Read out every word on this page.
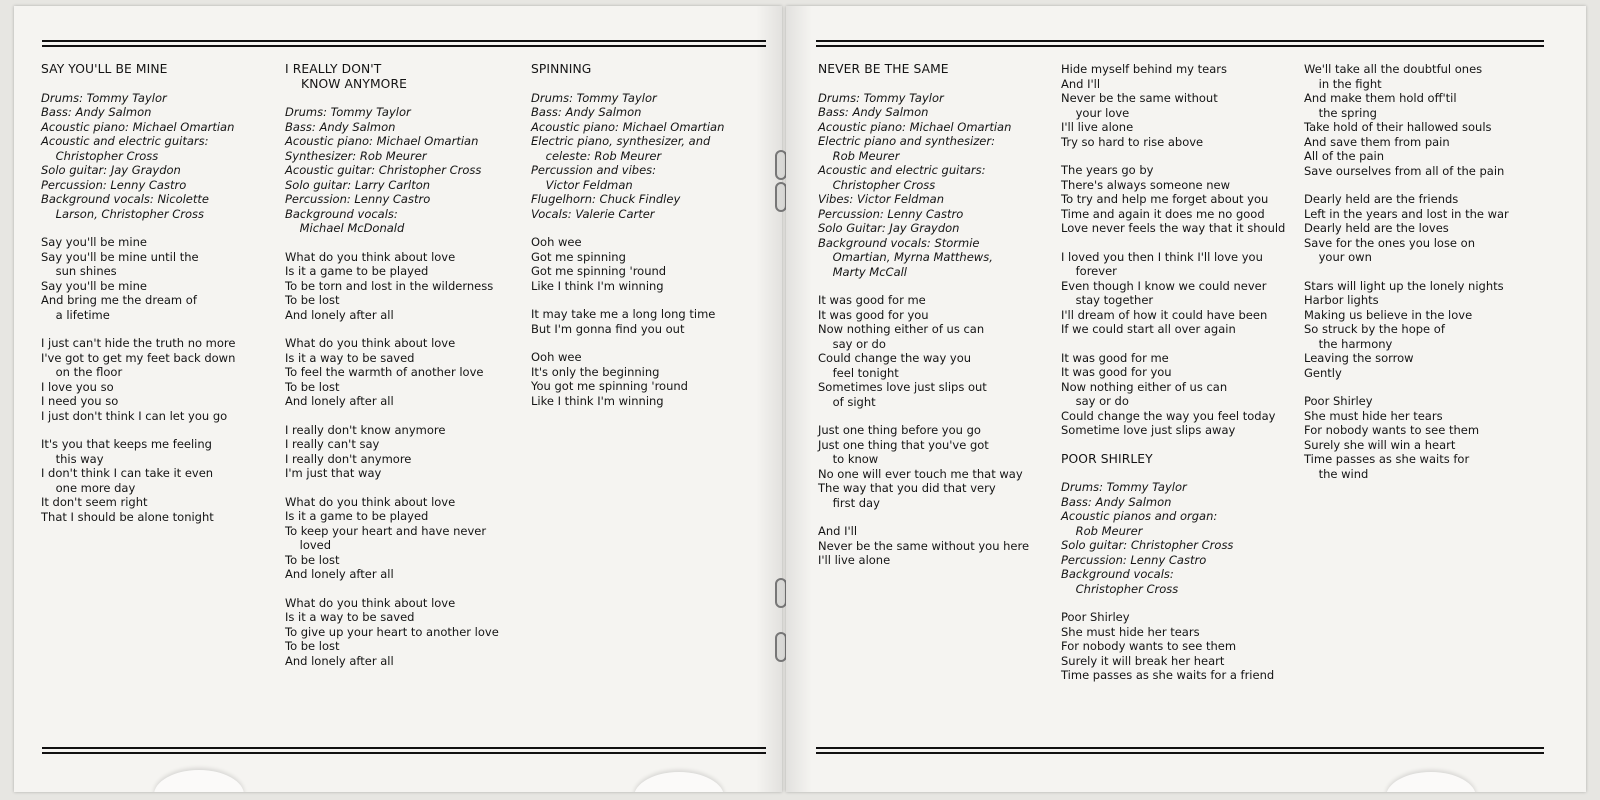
SAY YOU'LL BE MINE
Drums: Tommy Taylor
Bass: Andy Salmon
Acoustic piano: Michael Omartian
Acoustic and electric guitars:
Christopher Cross
Solo guitar: Jay Graydon
Percussion: Lenny Castro
Background vocals: Nicolette
Larson, Christopher Cross
Say you'll be mine
Say you'll be mine until the
sun shines
Say you'll be mine
And bring me the dream of
a lifetime
I just can't hide the truth no more
I've got to get my feet back down
on the floor
I love you so
I need you so
I just don't think I can let you go
It's you that keeps me feeling
this way
I don't think I can take it even
one more day
It don't seem right
That I should be alone tonight
I REALLY DON'T
KNOW ANYMORE
Drums: Tommy Taylor
Bass: Andy Salmon
Acoustic piano: Michael Omartian
Synthesizer: Rob Meurer
Acoustic guitar: Christopher Cross
Solo guitar: Larry Carlton
Percussion: Lenny Castro
Background vocals:
Michael McDonald
What do you think about love
Is it a game to be played
To be torn and lost in the wilderness
To be lost
And lonely after all
What do you think about love
Is it a way to be saved
To feel the warmth of another love
To be lost
And lonely after all
I really don't know anymore
I really can't say
I really don't anymore
I'm just that way
What do you think about love
Is it a game to be played
To keep your heart and have never
loved
To be lost
And lonely after all
What do you think about love
Is it a way to be saved
To give up your heart to another love
To be lost
And lonely after all
SPINNING
Drums: Tommy Taylor
Bass: Andy Salmon
Acoustic piano: Michael Omartian
Electric piano, synthesizer, and
celeste: Rob Meurer
Percussion and vibes:
Victor Feldman
Flugelhorn: Chuck Findley
Vocals: Valerie Carter
Ooh wee
Got me spinning
Got me spinning 'round
Like I think I'm winning
It may take me a long long time
But I'm gonna find you out
Ooh wee
It's only the beginning
You got me spinning 'round
Like I think I'm winning
NEVER BE THE SAME
Drums: Tommy Taylor
Bass: Andy Salmon
Acoustic piano: Michael Omartian
Electric piano and synthesizer:
Rob Meurer
Acoustic and electric guitars:
Christopher Cross
Vibes: Victor Feldman
Percussion: Lenny Castro
Solo Guitar: Jay Graydon
Background vocals: Stormie
Omartian, Myrna Matthews,
Marty McCall
It was good for me
It was good for you
Now nothing either of us can
say or do
Could change the way you
feel tonight
Sometimes love just slips out
of sight
Just one thing before you go
Just one thing that you've got
to know
No one will ever touch me that way
The way that you did that very
first day
And I'll
Never be the same without you here
I'll live alone
Hide myself behind my tears
And I'll
Never be the same without
your love
I'll live alone
Try so hard to rise above
The years go by
There's always someone new
To try and help me forget about you
Time and again it does me no good
Love never feels the way that it should
I loved you then I think I'll love you
forever
Even though I know we could never
stay together
I'll dream of how it could have been
If we could start all over again
It was good for me
It was good for you
Now nothing either of us can
say or do
Could change the way you feel today
Sometime love just slips away
POOR SHIRLEY
Drums: Tommy Taylor
Bass: Andy Salmon
Acoustic pianos and organ:
Rob Meurer
Solo guitar: Christopher Cross
Percussion: Lenny Castro
Background vocals:
Christopher Cross
Poor Shirley
She must hide her tears
For nobody wants to see them
Surely it will break her heart
Time passes as she waits for a friend
We'll take all the doubtful ones
in the fight
And make them hold off'til
the spring
Take hold of their hallowed souls
And save them from pain
All of the pain
Save ourselves from all of the pain
Dearly held are the friends
Left in the years and lost in the war
Dearly held are the loves
Save for the ones you lose on
your own
Stars will light up the lonely nights
Harbor lights
Making us believe in the love
So struck by the hope of
the harmony
Leaving the sorrow
Gently
Poor Shirley
She must hide her tears
For nobody wants to see them
Surely she will win a heart
Time passes as she waits for
the wind
